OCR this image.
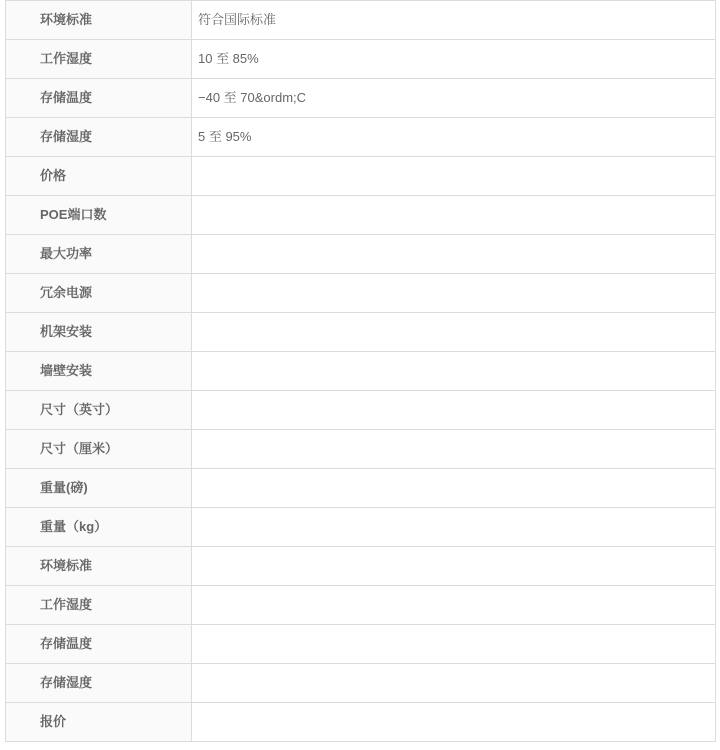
环境标准	符合国际标准
工作湿度	10 至 85%
存储温度	−40 至 70&ordm;C
存储湿度	5 至 95%
价格	
POE端口数	
最大功率	
冗余电源	
机架安装	
墙壁安装	
尺寸（英寸）	
尺寸（厘米）	
重量(磅)	
重量（kg）	
环境标准	
工作湿度	
存储温度	
存储湿度	
报价	
